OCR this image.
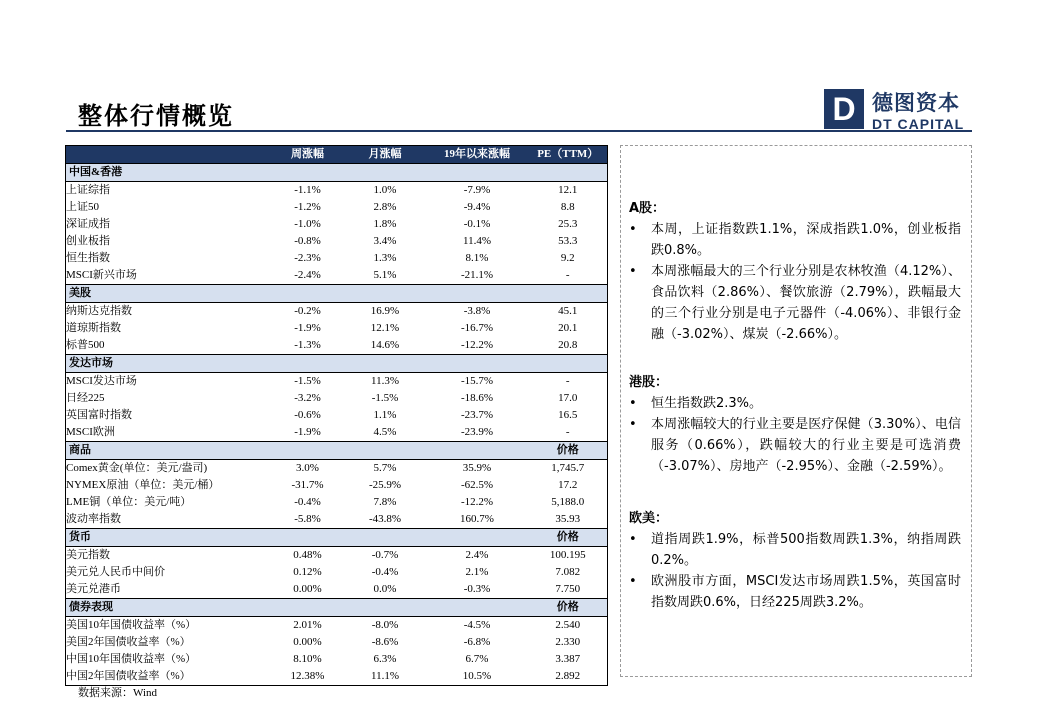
整体行情概览	D 德图资本
DT CAPITAL
	周涨幅	月涨幅	19年以来涨幅	PE（TTM）
中国&香港				
上证综指	-1.1%	1.0%	-7.9%	12.1
上证50	-1.2%	2.8%	-9.4%	8.8
深证成指	-1.0%	1.8%	-0.1%	25.3
创业板指	-0.8%	3.4%	11.4%	53.3
恒生指数	-2.3%	1.3%	8.1%	9.2
MSCI新兴市场	-2.4%	5.1%	-21.1%	-
美股				
纳斯达克指数	-0.2%	16.9%	-3.8%	45.1
道琼斯指数	-1.9%	12.1%	-16.7%	20.1
标普500	-1.3%	14.6%	-12.2%	20.8
发达市场				
MSCI发达市场	-1.5%	11.3%	-15.7%	-
日经225	-3.2%	-1.5%	-18.6%	17.0
英国富时指数	-0.6%	1.1%	-23.7%	16.5
MSCI欧洲	-1.9%	4.5%	-23.9%	-
商品				价格
Comex黄金(单位：美元/盎司)	3.0%	5.7%	35.9%	1,745.7
NYMEX原油（单位：美元/桶）	-31.7%	-25.9%	-62.5%	17.2
LME铜（单位：美元/吨）	-0.4%	7.8%	-12.2%	5,188.0
波动率指数	-5.8%	-43.8%	160.7%	35.93
货币				价格
美元指数	0.48%	-0.7%	2.4%	100.195
美元兑人民币中间价	0.12%	-0.4%	2.1%	7.082
美元兑港币	0.00%	0.0%	-0.3%	7.750
债券表现				价格
美国10年国债收益率（%）	2.01%	-8.0%	-4.5%	2.540
美国2年国债收益率（%）	0.00%	-8.6%	-6.8%	2.330
中国10年国债收益率（%）	8.10%	6.3%	6.7%	3.387
中国2年国债收益率（%）	12.38%	11.1%	10.5%	2.892
数据来源：Wind
A股：
•	本周，上证指数跌1.1%，深成指跌1.0%，创业板指跌0.8%。
•	本周涨幅最大的三个行业分别是农林牧渔（4.12%）、食品饮料（2.86%）、餐饮旅游（2.79%），跌幅最大的三个行业分别是电子元器件（-4.06%）、非银行金融（-3.02%）、煤炭（-2.66%）。
港股：
•	恒生指数跌2.3%。
•	本周涨幅较大的行业主要是医疗保健（3.30%）、电信服务（0.66%），跌幅较大的行业主要是可选消费（-3.07%）、房地产（-2.95%）、金融（-2.59%）。
欧美：
•	道指周跌1.9%，标普500指数周跌1.3%，纳指周跌0.2%。
•	欧洲股市方面，MSCI发达市场周跌1.5%，英国富时指数周跌0.6%，日经225周跌3.2%。
